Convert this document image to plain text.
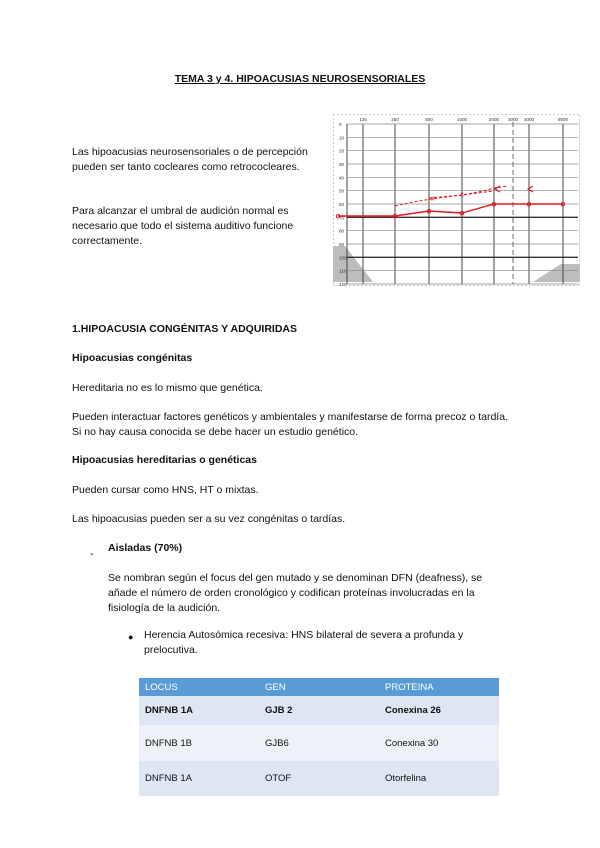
TEMA 3 y 4. HIPOACUSIAS NEUROSENSORIALES
Las hipoacusias neurosensoriales o de percepción pueden ser tanto cocleares como retrococleares.
Para alcanzar el umbral de audición normal es necesario que todo el sistema auditivo funcione correctamente.
125	250	500	1000	2000 3000 4000	8000
0
10
20
30
40
50
60
70
80
90
100
110
120
o	o
o	o
o	o	o
x
x
1.HIPOACUSIA CONGÉNITAS Y ADQUIRIDAS
Hipoacusias congénitas
Hereditaria no es lo mismo que genética.
Pueden interactuar factores genéticos y ambientales y manifestarse de forma precoz o tardía. Si no hay causa conocida se debe hacer un estudio genético.
Hipoacusias hereditarias o genéticas
Pueden cursar como HNS, HT o mixtas.
Las hipoacusias pueden ser a su vez congénitas o tardías.
- Aisladas (70%)
Se nombran según el focus del gen mutado y se denominan DFN (deafness), se añade el número de orden cronológico y codifican proteínas involucradas en la fisiología de la audición.
● Herencia Autosómica recesiva: HNS bilateral de severa a profunda y prelocutiva.
LOCUS	GEN	PROTEINA
DNFNB 1A	GJB 2	Conexina 26
DNFNB 1B	GJB6	Conexina 30
DNFNB 1A	OTOF	Otorfelina
